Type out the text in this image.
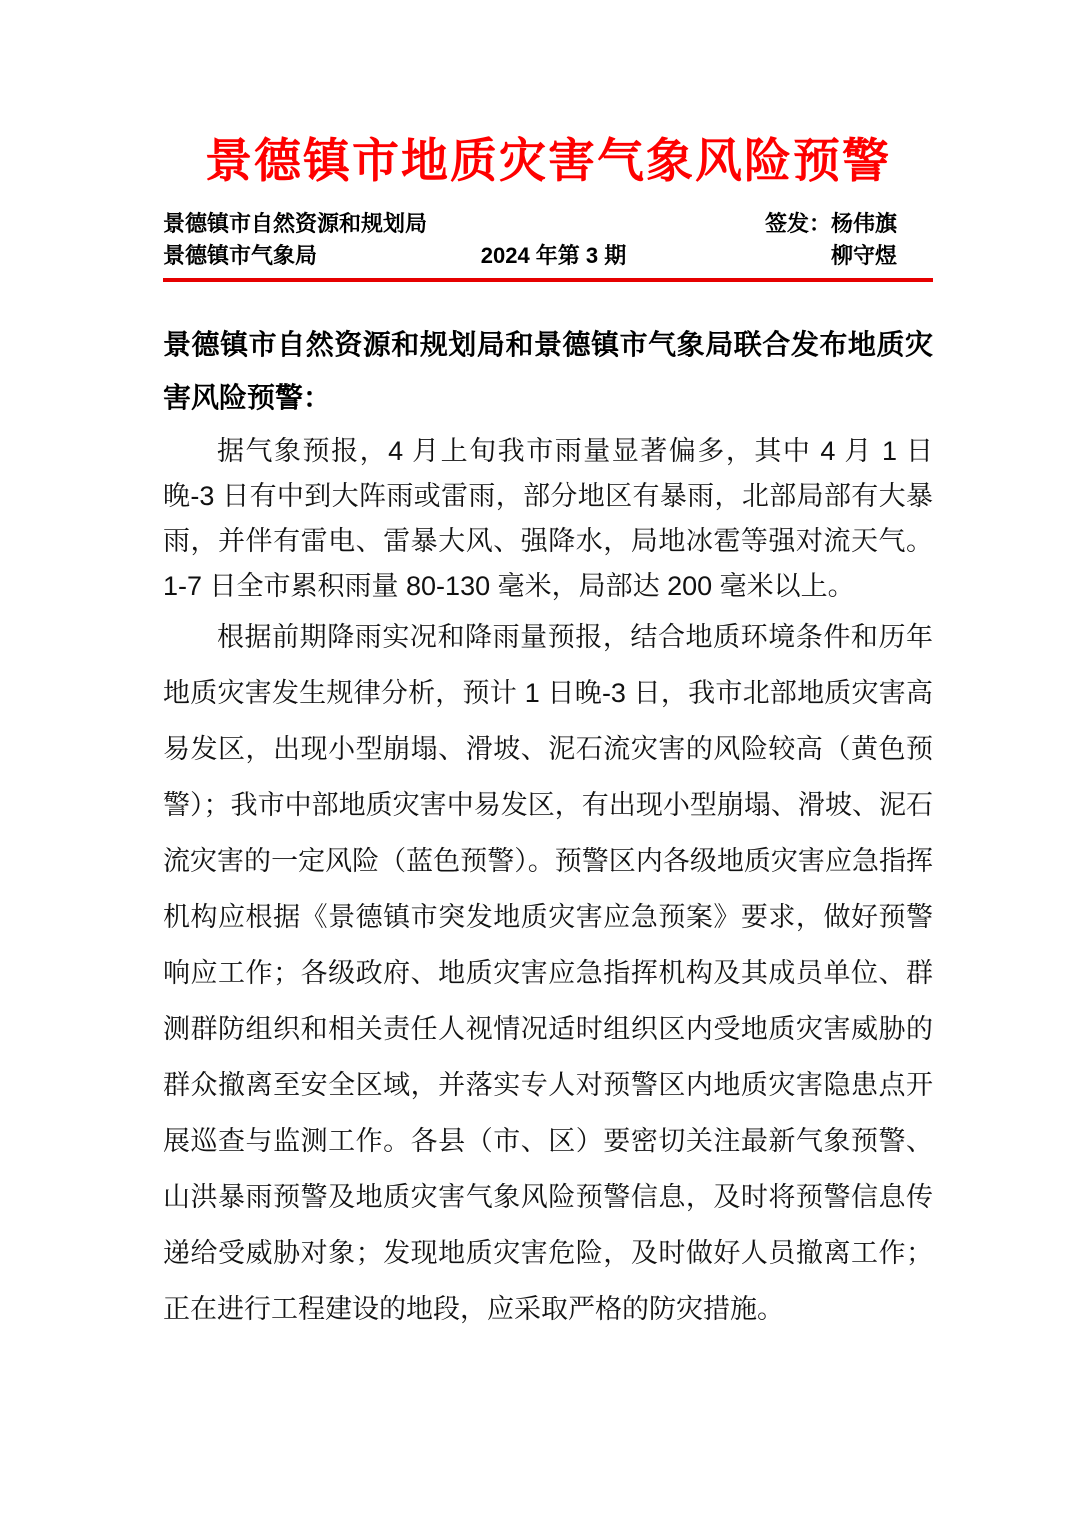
景德镇市地质灾害气象风险预警
景德镇市自然资源和规划局
景德镇市气象局	2024 年第 3 期
签发：杨伟旗
柳守煜

景德镇市自然资源和规划局和景德镇市气象局联合发布地质灾害风险预警：

据气象预报，4 月上旬我市雨量显著偏多，其中 4 月 1 日晚-3 日有中到大阵雨或雷雨，部分地区有暴雨，北部局部有大暴雨，并伴有雷电、雷暴大风、强降水，局地冰雹等强对流天气。1-7 日全市累积雨量 80-130 毫米，局部达 200 毫米以上。

根据前期降雨实况和降雨量预报，结合地质环境条件和历年地质灾害发生规律分析，预计 1 日晚-3 日，我市北部地质灾害高易发区，出现小型崩塌、滑坡、泥石流灾害的风险较高（黄色预警）；我市中部地质灾害中易发区，有出现小型崩塌、滑坡、泥石流灾害的一定风险（蓝色预警）。预警区内各级地质灾害应急指挥机构应根据《景德镇市突发地质灾害应急预案》要求，做好预警响应工作；各级政府、地质灾害应急指挥机构及其成员单位、群测群防组织和相关责任人视情况适时组织区内受地质灾害威胁的群众撤离至安全区域，并落实专人对预警区内地质灾害隐患点开展巡查与监测工作。各县（市、区）要密切关注最新气象预警、山洪暴雨预警及地质灾害气象风险预警信息，及时将预警信息传递给受威胁对象；发现地质灾害危险，及时做好人员撤离工作；正在进行工程建设的地段，应采取严格的防灾措施。
